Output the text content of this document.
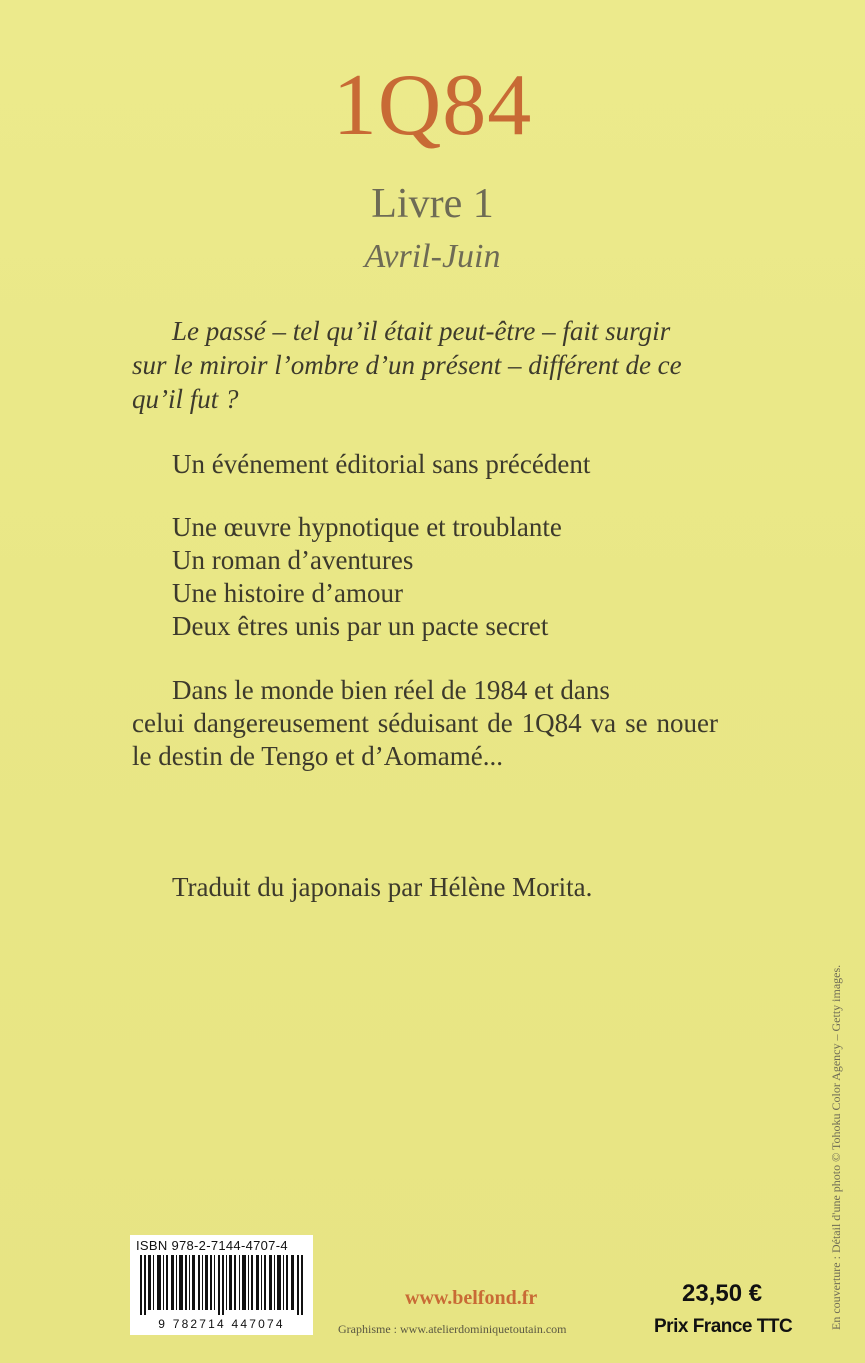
1Q84
Livre 1
Avril-Juin
Le passé – tel qu’il était peut-être – fait surgir
sur le miroir l’ombre d’un présent – différent de ce qu’il fut ?
Un événement éditorial sans précédent
Une œuvre hypnotique et troublante
Un roman d’aventures
Une histoire d’amour
Deux êtres unis par un pacte secret
Dans le monde bien réel de 1984 et dans
celui dangereusement séduisant de 1Q84 va se nouer le destin de Tengo et d’Aomamé...
Traduit du japonais par Hélène Morita.
En couverture : Détail d'une photo © Tohoku Color Agency – Getty images.
ISBN 978-2-7144-4707-4
9 782714 447074
www.belfond.fr
Graphisme : www.atelierdominiquetoutain.com
23,50 €
Prix France TTC
